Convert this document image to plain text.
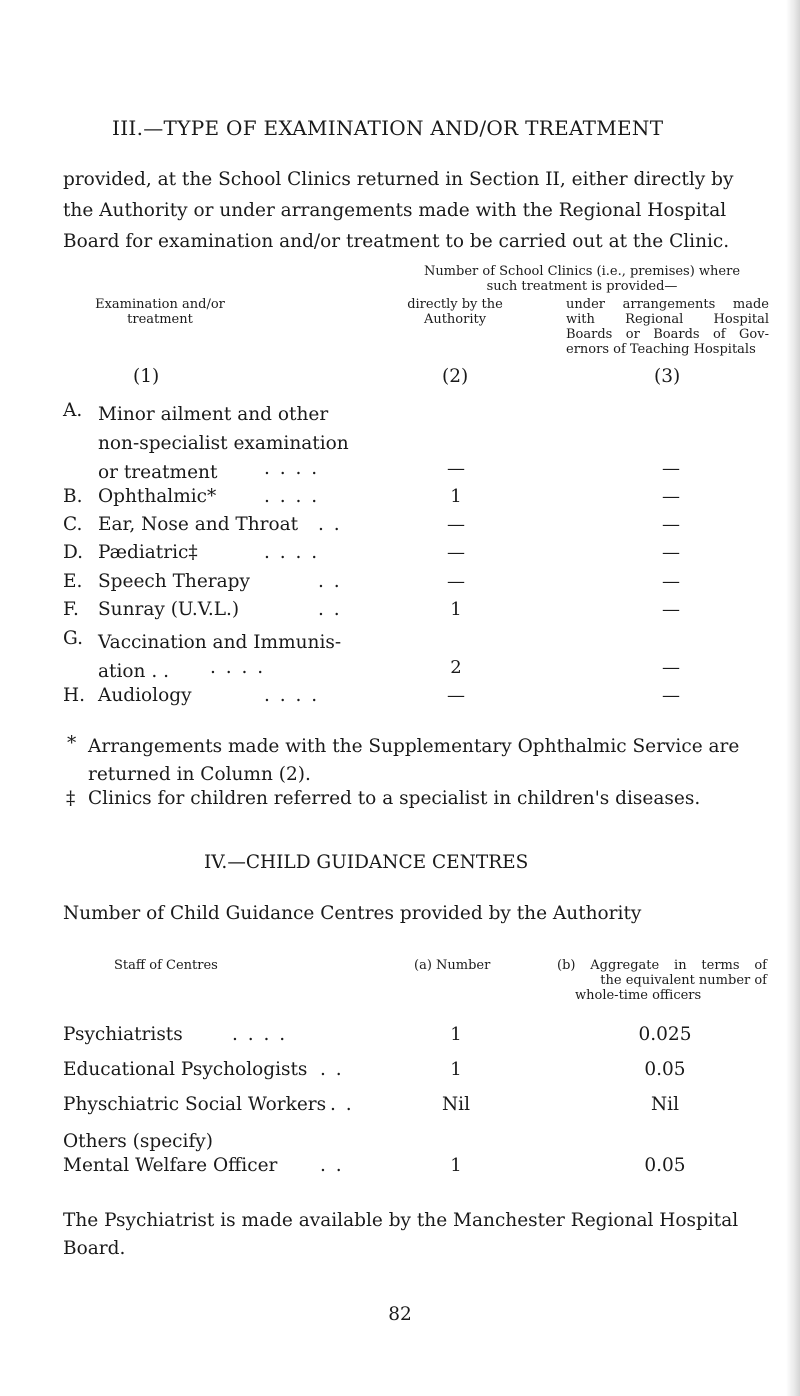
III.—TYPE OF EXAMINATION AND/OR TREATMENT
provided, at the School Clinics returned in Section II, either directly by the Authority or under arrangements made with the Regional Hospital Board for examination and/or treatment to be carried out at the Clinic.
Examination and/or
treatment
Number of School Clinics (i.e., premises) where
such treatment is provided—
directly by the
Authority
under arrangements made
with Regional Hospital
Boards or Boards of Gov-
ernors of Teaching Hospitals
(1)	(2)	(3)
A. Minor ailment and other
non-specialist examination
or treatment	. . . .	—	—
B. Ophthalmic*	. . . .	1	—
C. Ear, Nose and Throat . .	—	—
D. Pædiatric‡	. . . .	—	—
E. Speech Therapy	. .	—	—
F. Sunray (U.V.L.)	. .	1	—
G. Vaccination and Immunis-
ation . .	. . . .	2	—
H. Audiology	. . . .	—	—
* Arrangements made with the Supplementary Ophthalmic Service are
returned in Column (2).
‡ Clinics for children referred to a specialist in children's diseases.
IV.—CHILD GUIDANCE CENTRES
Number of Child Guidance Centres provided by the Authority
Staff of Centres	(a) Number	(b) Aggregate in terms of
the equivalent number of
whole-time officers
Psychiatrists	. . . .	1	0.025
Educational Psychologists . .	1	0.05
Physchiatric Social Workers . .	Nil	Nil
Others (specify)
Mental Welfare Officer . .	1	0.05
The Psychiatrist is made available by the Manchester Regional Hospital
Board.
82
